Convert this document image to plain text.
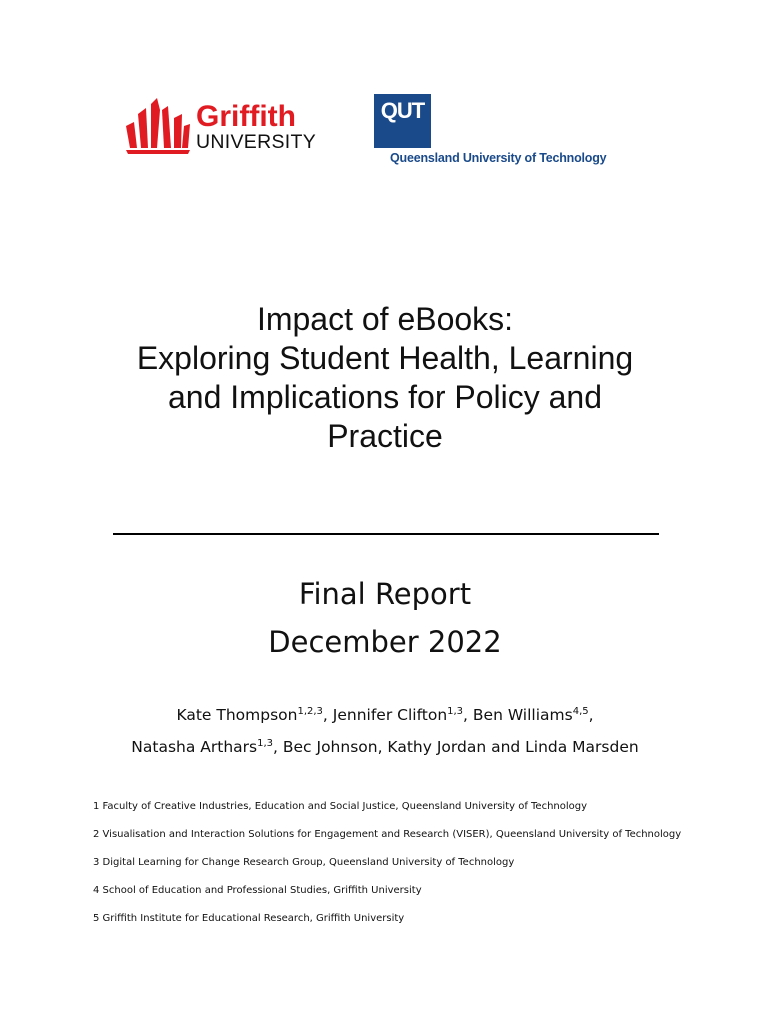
Griffith
UNIVERSITY
QUT
Queensland University of Technology
Impact of eBooks:
Exploring Student Health, Learning
and Implications for Policy and
Practice
Final Report
December 2022
Kate Thompson$^{1,2,3}$, Jennifer Clifton$^{1,3}$, Ben Williams$^{4,5}$,
Natasha Arthars$^{1,3}$, Bec Johnson, Kathy Jordan and Linda Marsden
1 Faculty of Creative Industries, Education and Social Justice, Queensland University of Technology
2 Visualisation and Interaction Solutions for Engagement and Research (VISER), Queensland University of Technology
3 Digital Learning for Change Research Group, Queensland University of Technology
4 School of Education and Professional Studies, Griffith University
5 Griffith Institute for Educational Research, Griffith University
